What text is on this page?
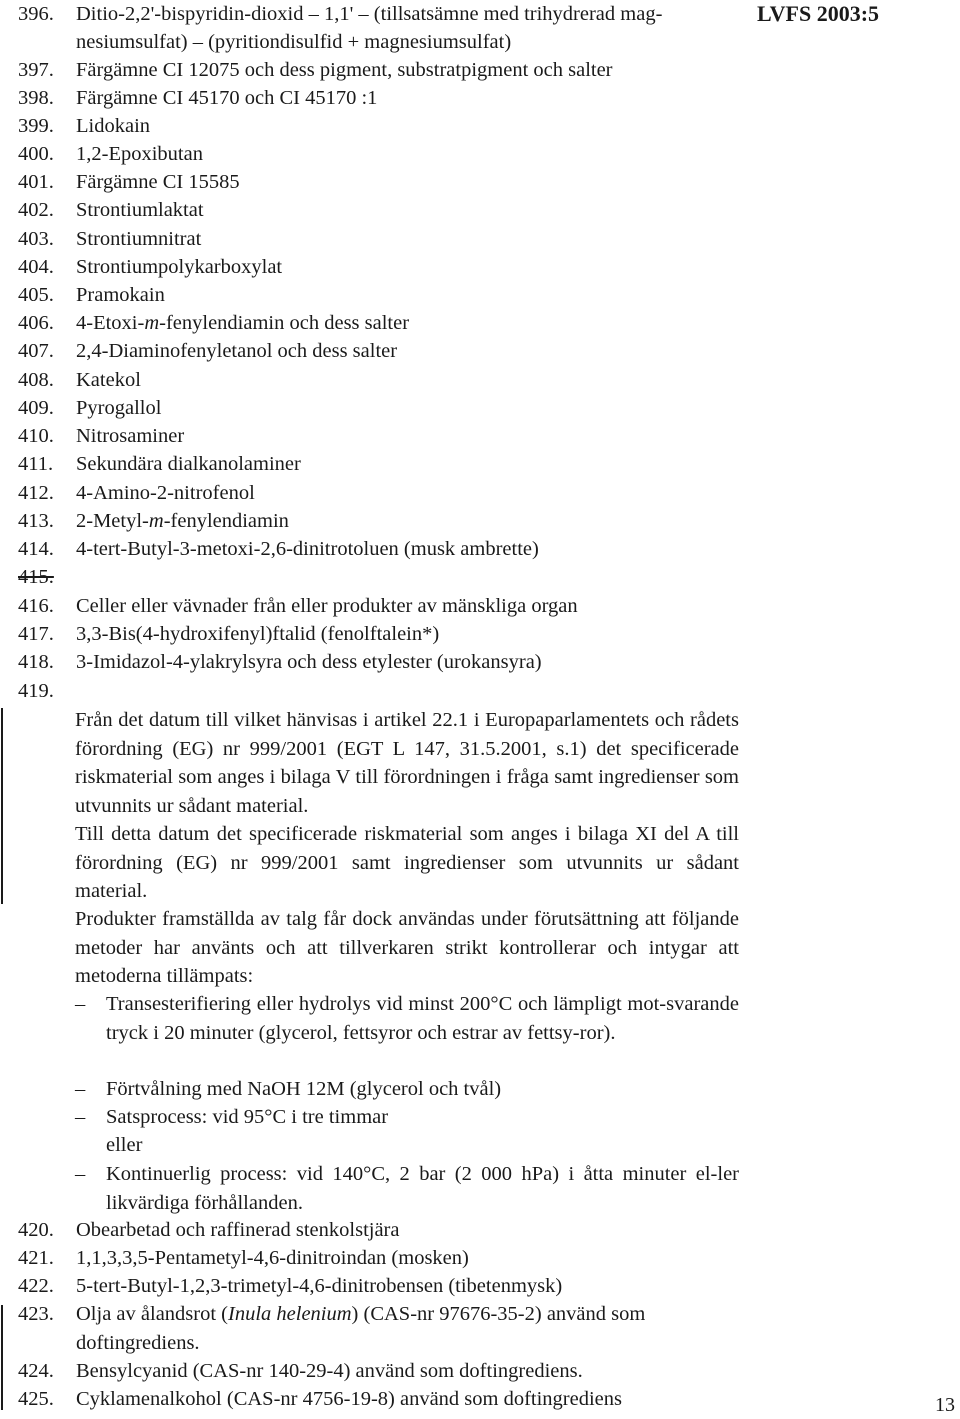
LVFS 2003:5
396.	Ditio-2,2'-bispyridin-dioxid – 1,1' – (tillsatsämne med trihydrerad mag-
nesiumsulfat) – (pyritiondisulfid + magnesiumsulfat)
397.	Färgämne CI 12075 och dess pigment, substratpigment och salter
398.	Färgämne CI 45170 och CI 45170 :1
399.	Lidokain
400.	1,2-Epoxibutan
401.	Färgämne CI 15585
402.	Strontiumlaktat
403.	Strontiumnitrat
404.	Strontiumpolykarboxylat
405.	Pramokain
406.	4-Etoxi-m-fenylendiamin och dess salter
407.	2,4-Diaminofenyletanol och dess salter
408.	Katekol
409.	Pyrogallol
410.	Nitrosaminer
411.	Sekundära dialkanolaminer
412.	4-Amino-2-nitrofenol
413.	2-Metyl-m-fenylendiamin
414.	4-tert-Butyl-3-metoxi-2,6-dinitrotoluen (musk ambrette)
415.
416.	Celler eller vävnader från eller produkter av mänskliga organ
417.	3,3-Bis(4-hydroxifenyl)ftalid (fenolftalein*)
418.	3-Imidazol-4-ylakrylsyra och dess etylester (urokansyra)
419.

Från det datum till vilket hänvisas i artikel 22.1 i Europaparlamentets och rådets förordning (EG) nr 999/2001 (EGT L 147, 31.5.2001, s.1) det specificerade riskmaterial som anges i bilaga V till förordningen i fråga samt ingredienser som utvunnits ur sådant material.

Till detta datum det specificerade riskmaterial som anges i bilaga XI del A till förordning (EG) nr 999/2001 samt ingredienser som utvunnits ur sådant material.

Produkter framställda av talg får dock användas under förutsättning att följande metoder har använts och att tillverkaren strikt kontrollerar och intygar att metoderna tillämpats:

–	Transesterifiering eller hydrolys vid minst 200°C och lämpligt mot-svarande tryck i 20 minuter (glycerol, fettsyror och estrar av fettsy-ror).
–	Förtvålning med NaOH 12M (glycerol och tvål)
–	Satsprocess: vid 95°C i tre timmar
eller
–	Kontinuerlig process: vid 140°C, 2 bar (2 000 hPa) i åtta minuter el-ler likvärdiga förhållanden.
420.	Obearbetad och raffinerad stenkolstjära
421.	1,1,3,3,5-Pentametyl-4,6-dinitroindan (mosken)
422.	5-tert-Butyl-1,2,3-trimetyl-4,6-dinitrobensen (tibetenmysk)
423.	Olja av ålandsrot (Inula helenium) (CAS-nr 97676-35-2) använd som
doftingrediens.
424.	Bensylcyanid (CAS-nr 140-29-4) använd som doftingrediens.
425.	Cyklamenalkohol (CAS-nr 4756-19-8) använd som doftingrediens	13
